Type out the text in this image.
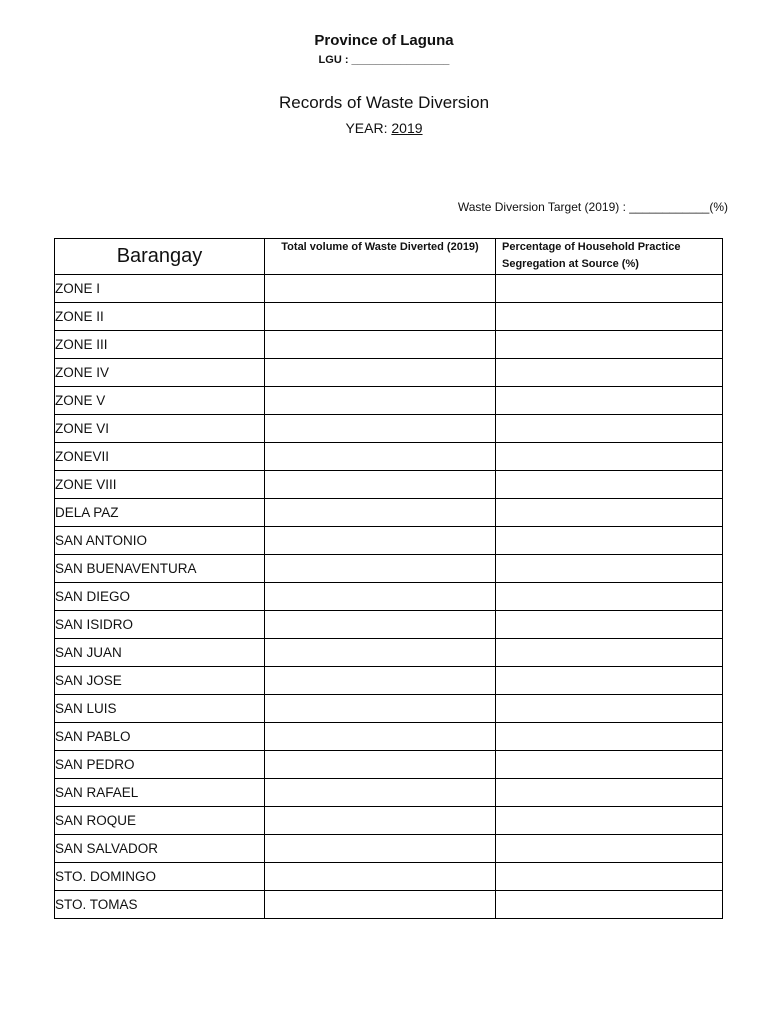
Province of Laguna
LGU : ________________
Records of Waste Diversion
YEAR: 2019
Waste Diversion Target (2019) : ____________(%)
Barangay	Total volume of Waste Diverted (2019)	Percentage of Household Practice Segregation at Source (%)
ZONE I		
ZONE II		
ZONE III		
ZONE IV		
ZONE V		
ZONE VI		
ZONEVII		
ZONE VIII		
DELA PAZ		
SAN ANTONIO		
SAN BUENAVENTURA		
SAN DIEGO		
SAN ISIDRO		
SAN JUAN		
SAN JOSE		
SAN LUIS		
SAN PABLO		
SAN PEDRO		
SAN RAFAEL		
SAN ROQUE		
SAN SALVADOR		
STO. DOMINGO		
STO. TOMAS		
